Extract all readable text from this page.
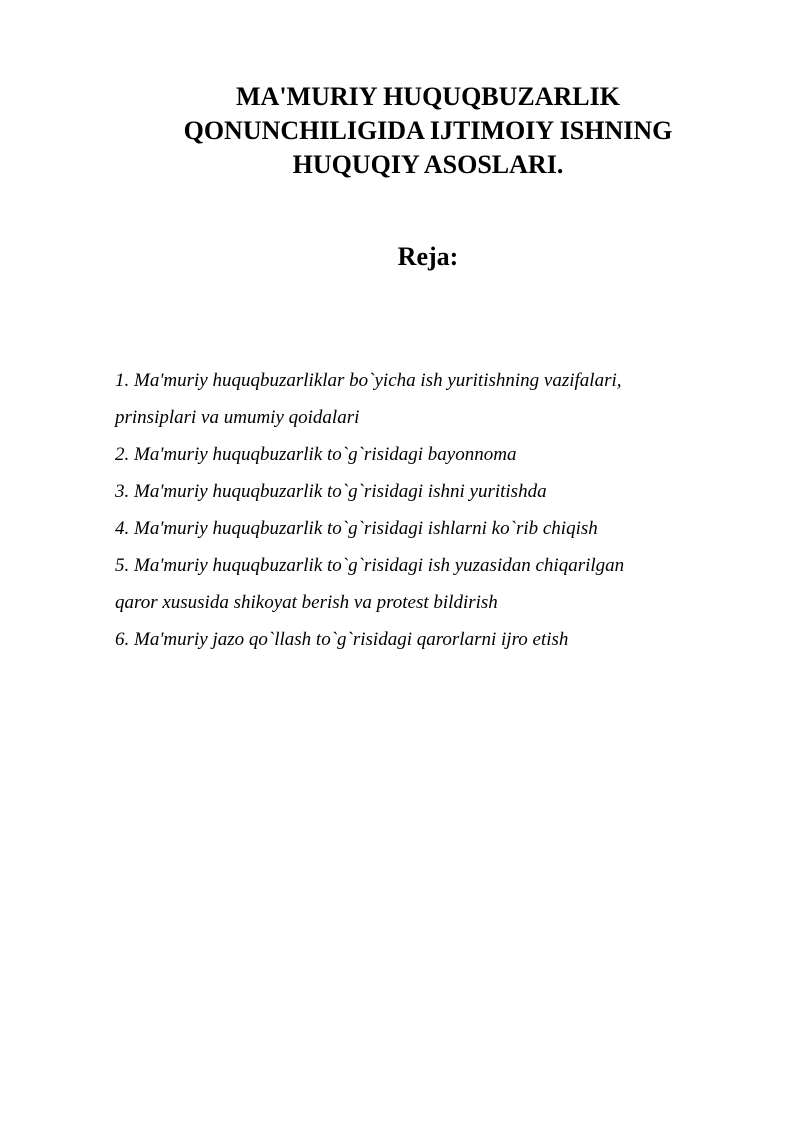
MA'MURIY HUQUQBUZARLIK
QONUNCHILIGIDA IJTIMOIY ISHNING
HUQUQIY ASOSLARI.
Reja:
1. Ma'muriy huquqbuzarliklar bo`yicha ish yuritishning vazifalari,
prinsiplari va umumiy qoidalari
2. Ma'muriy huquqbuzarlik to`g`risidagi bayonnoma
3. Ma'muriy huquqbuzarlik to`g`risidagi ishni yuritishda
4. Ma'muriy huquqbuzarlik to`g`risidagi ishlarni ko`rib chiqish
5. Ma'muriy huquqbuzarlik to`g`risidagi ish yuzasidan chiqarilgan
qaror xususida shikoyat berish va protest bildirish
6. Ma'muriy jazo qo`llash to`g`risidagi qarorlarni ijro etish
